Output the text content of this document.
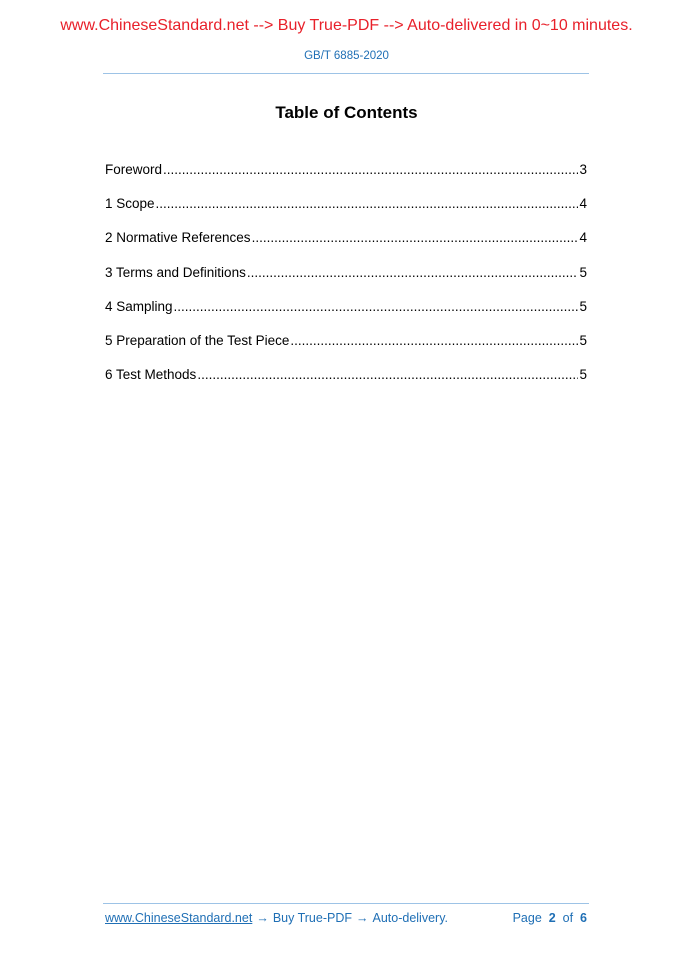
www.ChineseStandard.net --> Buy True-PDF --> Auto-delivered in 0~10 minutes.
GB/T 6885-2020
Table of Contents
Foreword .....	3
1 Scope .....	4
2 Normative References .....	4
3 Terms and Definitions .....	5
4 Sampling .....	5
5 Preparation of the Test Piece .....	5
6 Test Methods .....	5
www.ChineseStandard.net → Buy True-PDF → Auto-delivery.	Page 2 of 6
